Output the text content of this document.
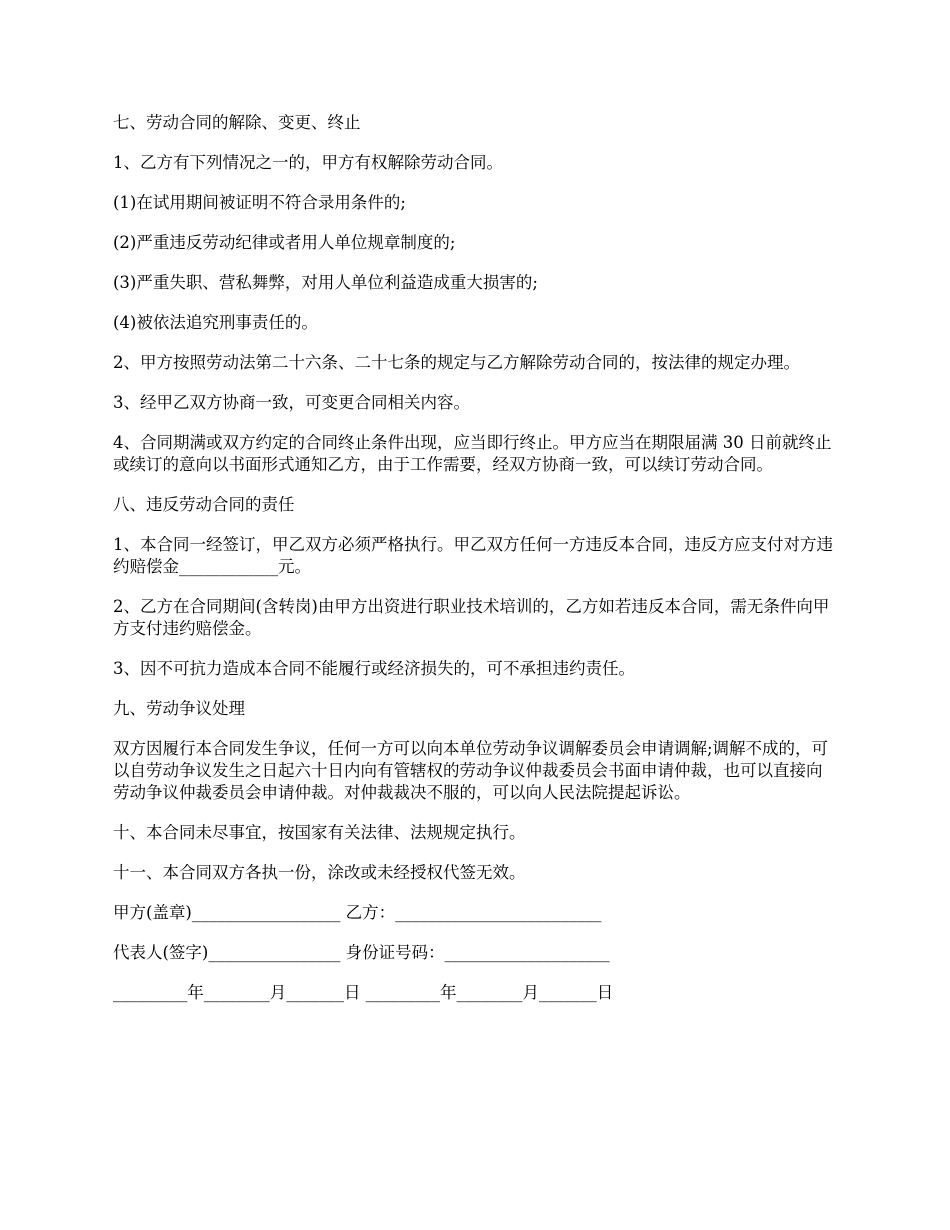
七、劳动合同的解除、变更、终止

1、乙方有下列情况之一的，甲方有权解除劳动合同。

(1)在试用期间被证明不符合录用条件的;

(2)严重违反劳动纪律或者用人单位规章制度的;

(3)严重失职、营私舞弊，对用人单位利益造成重大损害的;

(4)被依法追究刑事责任的。

2、甲方按照劳动法第二十六条、二十七条的规定与乙方解除劳动合同的，按法律的规定办理。

3、经甲乙双方协商一致，可变更合同相关内容。

4、合同期满或双方约定的合同终止条件出现，应当即行终止。甲方应当在期限届满 30 日前就终止或续订的意向以书面形式通知乙方，由于工作需要，经双方协商一致，可以续订劳动合同。

八、违反劳动合同的责任

1、本合同一经签订，甲乙双方必须严格执行。甲乙双方任何一方违反本合同，违反方应支付对方违约赔偿金____________元。

2、乙方在合同期间(含转岗)由甲方出资进行职业技术培训的，乙方如若违反本合同，需无条件向甲方支付违约赔偿金。

3、因不可抗力造成本合同不能履行或经济损失的，可不承担违约责任。

九、劳动争议处理

双方因履行本合同发生争议，任何一方可以向本单位劳动争议调解委员会申请调解;调解不成的，可以自劳动争议发生之日起六十日内向有管辖权的劳动争议仲裁委员会书面申请仲裁，也可以直接向劳动争议仲裁委员会申请仲裁。对仲裁裁决不服的，可以向人民法院提起诉讼。

十、本合同未尽事宜，按国家有关法律、法规规定执行。

十一、本合同双方各执一份，涂改或未经授权代签无效。

甲方(盖章)__________________ 乙方：_________________________
代表人(签字)________________ 身份证号码：____________________
_________年________月_______日 _________年________月_______日
